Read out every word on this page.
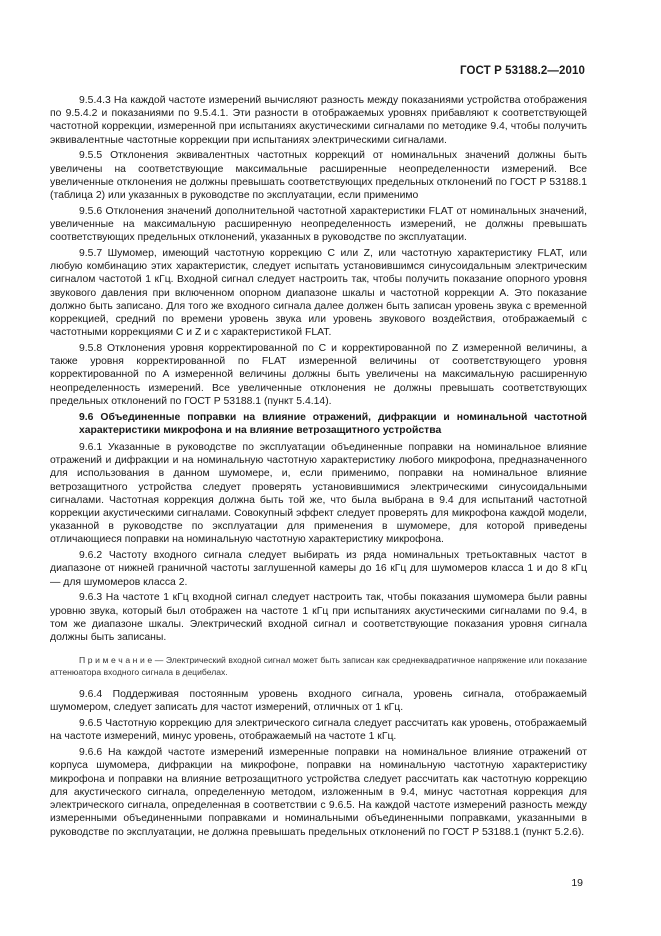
ГОСТ Р 53188.2—2010

9.5.4.3 На каждой частоте измерений вычисляют разность между показаниями устройства отображения по 9.5.4.2 и показаниями по 9.5.4.1. Эти разности в отображаемых уровнях прибавляют к соответствующей частотной коррекции, измеренной при испытаниях акустическими сигналами по методике 9.4, чтобы получить эквивалентные частотные коррекции при испытаниях электрическими сигналами.

9.5.5 Отклонения эквивалентных частотных коррекций от номинальных значений должны быть увеличены на соответствующие максимальные расширенные неопределенности измерений. Все увеличенные отклонения не должны превышать соответствующих предельных отклонений по ГОСТ Р 53188.1 (таблица 2) или указанных в руководстве по эксплуатации, если применимо

9.5.6 Отклонения значений дополнительной частотной характеристики FLAT от номинальных значений, увеличенные на максимальную расширенную неопределенность измерений, не должны превышать соответствующих предельных отклонений, указанных в руководстве по эксплуатации.

9.5.7 Шумомер, имеющий частотную коррекцию C или Z, или частотную характеристику FLAT, или любую комбинацию этих характеристик, следует испытать установившимся синусоидальным электрическим сигналом частотой 1 кГц. Входной сигнал следует настроить так, чтобы получить показание опорного уровня звукового давления при включенном опорном диапазоне шкалы и частотной коррекции A. Это показание должно быть записано. Для того же входного сигнала далее должен быть записан уровень звука с временной коррекцией, средний по времени уровень звука или уровень звукового воздействия, отображаемый с частотными коррекциями C и Z и с характеристикой FLAT.

9.5.8 Отклонения уровня корректированной по C и корректированной по Z измеренной величины, а также уровня корректированной по FLAT измеренной величины от соответствующего уровня корректированной по A измеренной величины должны быть увеличены на максимальную расширенную неопределенность измерений. Все увеличенные отклонения не должны превышать соответствующих предельных отклонений по ГОСТ Р 53188.1 (пункт 5.4.14).

9.6 Объединенные поправки на влияние отражений, дифракции и номинальной частотной характеристики микрофона и на влияние ветрозащитного устройства

9.6.1 Указанные в руководстве по эксплуатации объединенные поправки на номинальное влияние отражений и дифракции и на номинальную частотную характеристику любого микрофона, предназначенного для использования в данном шумомере, и, если применимо, поправки на номинальное влияние ветрозащитного устройства следует проверять установившимися электрическими синусоидальными сигналами. Частотная коррекция должна быть той же, что была выбрана в 9.4 для испытаний частотной коррекции акустическими сигналами. Совокупный эффект следует проверять для микрофона каждой модели, указанной в руководстве по эксплуатации для применения в шумомере, для которой приведены отличающиеся поправки на номинальную частотную характеристику микрофона.

9.6.2 Частоту входного сигнала следует выбирать из ряда номинальных третьоктавных частот в диапазоне от нижней граничной частоты заглушенной камеры до 16 кГц для шумомеров класса 1 и до 8 кГц — для шумомеров класса 2.

9.6.3 На частоте 1 кГц входной сигнал следует настроить так, чтобы показания шумомера были равны уровню звука, который был отображен на частоте 1 кГц при испытаниях акустическими сигналами по 9.4, в том же диапазоне шкалы. Электрический входной сигнал и соответствующие показания уровня сигнала должны быть записаны.

П р и м е ч а н и е — Электрический входной сигнал может быть записан как среднеквадратичное напряжение или показание аттенюатора входного сигнала в децибелах.

9.6.4 Поддерживая постоянным уровень входного сигнала, уровень сигнала, отображаемый шумомером, следует записать для частот измерений, отличных от 1 кГц.

9.6.5 Частотную коррекцию для электрического сигнала следует рассчитать как уровень, отображаемый на частоте измерений, минус уровень, отображаемый на частоте 1 кГц.

9.6.6 На каждой частоте измерений измеренные поправки на номинальное влияние отражений от корпуса шумомера, дифракции на микрофоне, поправки на номинальную частотную характеристику микрофона и поправки на влияние ветрозащитного устройства следует рассчитать как частотную коррекцию для акустического сигнала, определенную методом, изложенным в 9.4, минус частотная коррекция для электрического сигнала, определенная в соответствии с 9.6.5. На каждой частоте измерений разность между измеренными объединенными поправками и номинальными объединенными поправками, указанными в руководстве по эксплуатации, не должна превышать предельных отклонений по ГОСТ Р 53188.1 (пункт 5.2.6).

19
